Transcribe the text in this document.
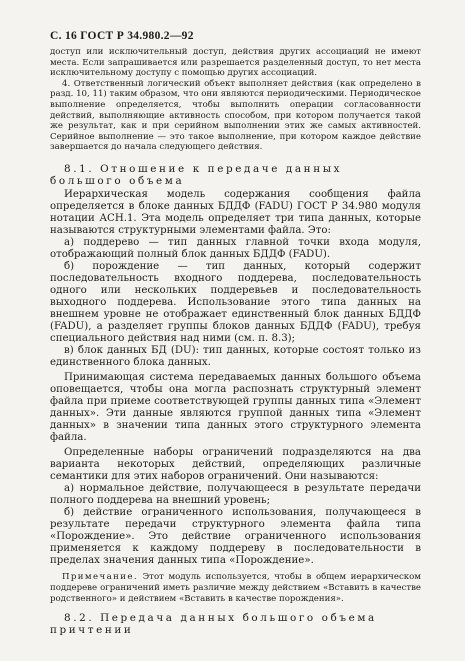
С. 16 ГОСТ Р 34.980.2—92

доступ или исключительный доступ, действия других ассоциаций не имеют места. Если запрашивается или разрешается разделенный доступ, то нет места исключительному доступу с помощью других ассоциаций.

4. Ответственный логический объект выполняет действия (как определено в разд. 10, 11) таким образом, что они являются периодическими. Периодическое выполнение определяется, чтобы выполнить операции согласованности действий, выполняющие активность способом, при котором получается такой же результат, как и при серийном выполнении этих же самых активностей. Серийное выполнение — это такое выполнение, при котором каждое действие завершается до начала следующего действия.

8.1. Отношение к передаче данных большого объема

Иерархическая модель содержания сообщения файла определяется в блоке данных БДДФ (FADU) ГОСТ Р 34.980 модуля нотации АСН.1. Эта модель определяет три типа данных, которые называются структурными элементами файла. Это:

а) поддерево — тип данных главной точки входа модуля, отображающий полный блок данных БДДФ (FADU).

б) порождение — тип данных, который содержит последовательность входного поддерева, последовательность одного или нескольких поддеревьев и последовательность выходного поддерева. Использование этого типа данных на внешнем уровне не отображает единственный блок данных БДДФ (FADU), а разделяет группы блоков данных БДДФ (FADU), требуя специального действия над ними (см. п. 8.3);

в) блок данных БД (DU): тип данных, которые состоят только из единственного блока данных.

Принимающая система передаваемых данных большого объема оповещается, чтобы она могла распознать структурный элемент файла при приеме соответствующей группы данных типа «Элемент данных». Эти данные являются группой данных типа «Элемент данных» в значении типа данных этого структурного элемента файла.

Определенные наборы ограничений подразделяются на два варианта некоторых действий, определяющих различные семантики для этих наборов ограничений. Они называются:

а) нормальное действие, получающееся в результате передачи полного поддерева на внешний уровень;

б) действие ограниченного использования, получающееся в результате передачи структурного элемента файла типа «Порождение». Это действие ограниченного использования применяется к каждому поддереву в последовательности в пределах значения данных типа «Порождение».

Примечание. Этот модуль используется, чтобы в общем иерархическом поддереве ограничений иметь различие между действием «Вставить в качестве родственного» и действием «Вставить в качестве порождения».

8.2. Передача данных большого объема причтении
